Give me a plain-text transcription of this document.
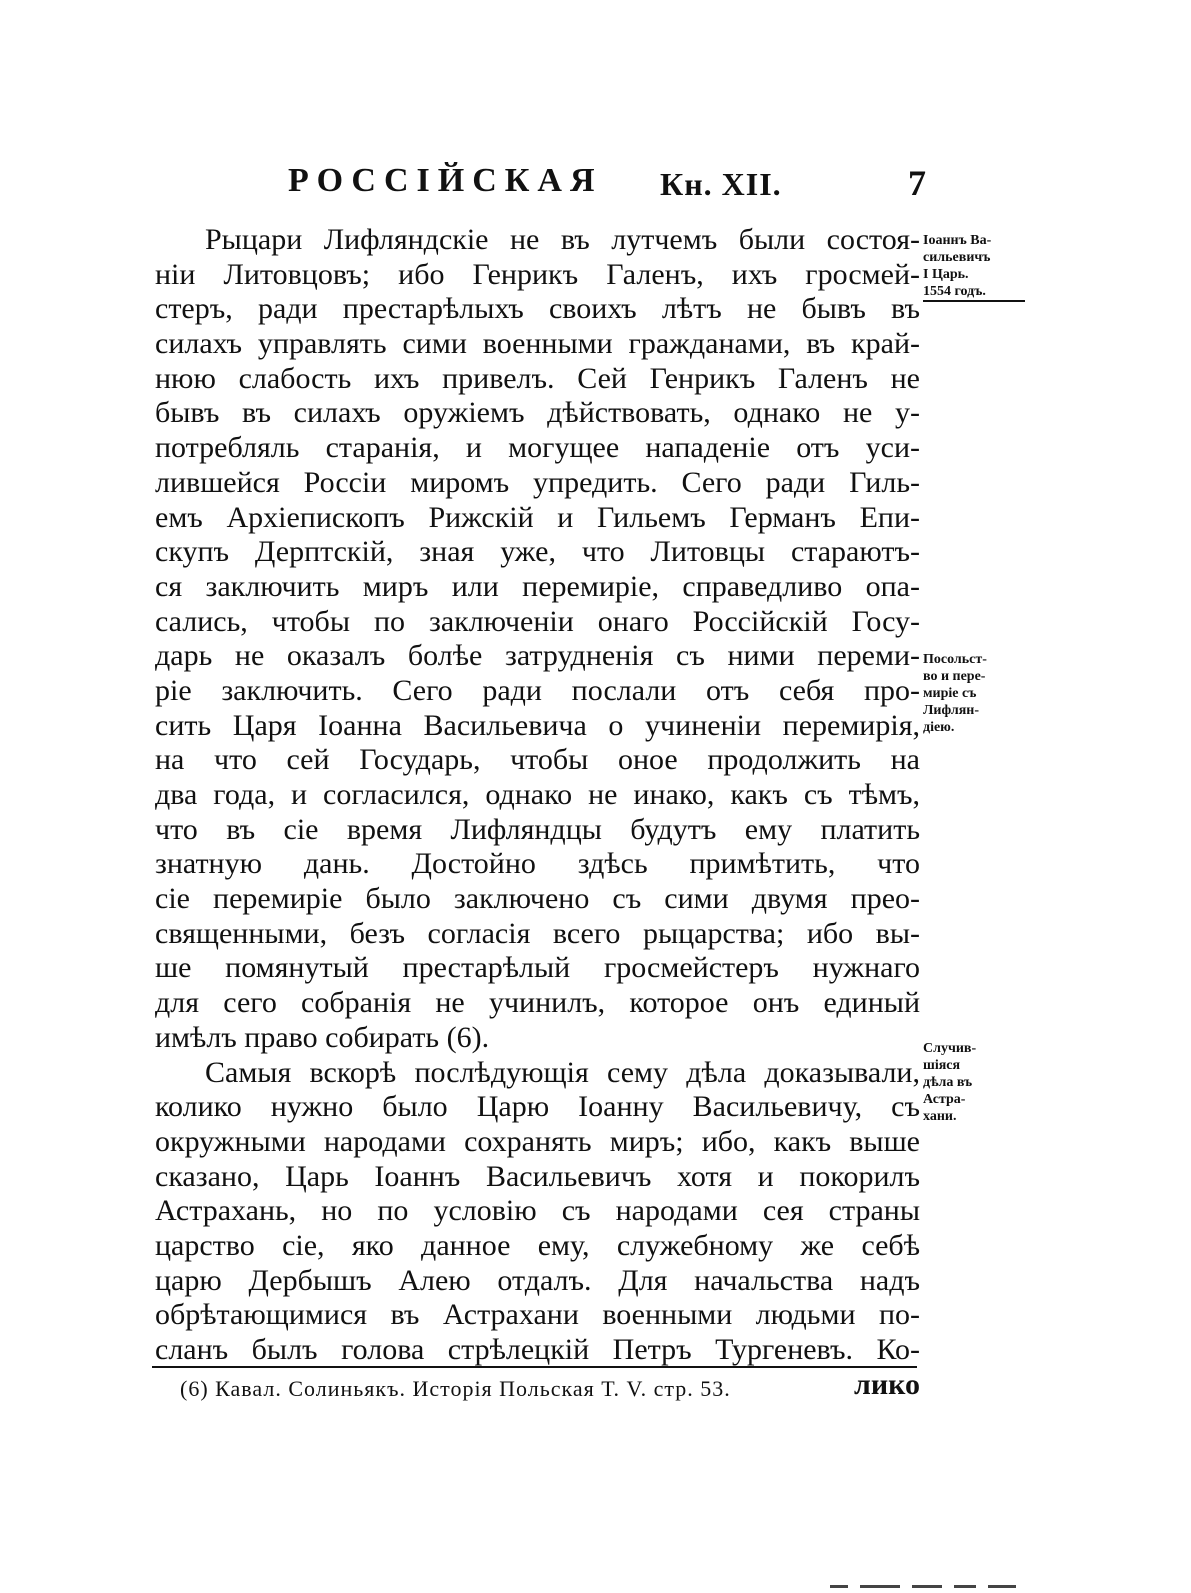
РОССІЙСКАЯ Кн. XII.	7
Рыцари Лифляндскіе не въ лутчемъ были состоя-
ніи Литовцовъ; ибо Генрикъ Галенъ, ихъ гросмей-
стеръ, ради престарѣлыхъ своихъ лѣтъ не бывъ въ
силахъ управлять сими военными гражданами, въ край-
нюю слабость ихъ привелъ. Сей Генрикъ Галенъ не
бывъ въ силахъ оружіемъ дѣйствовать, однако не у-
потребляль старанія, и могущее нападеніе отъ уси-
лившейся Россіи миромъ упредить. Сего ради Гиль-
емъ Архіепископъ Рижскій и Гильемъ Германъ Епи-
скупъ Дерптскій, зная уже, что Литовцы стараютъ-
ся заключить миръ или перемиріе, справедливо опа-
сались, чтобы по заключеніи онаго Россійскій Госу-
дарь не оказалъ болѣе затрудненія съ ними переми-
ріе заключить. Сего ради послали отъ себя про-
сить Царя Іоанна Васильевича о учиненіи перемирія,
на что сей Государь, чтобы оное продолжить на
два года, и согласился, однако не инако, какъ съ тѣмъ,
что въ сіе время Лифляндцы будутъ ему платить
знатную дань. Достойно здѣсь примѣтить, что
сіе перемиріе было заключено съ сими двумя прео-
священными, безъ согласія всего рыцарства; ибо вы-
ше помянутый престарѣлый гросмейстеръ нужнаго
для сего собранія не учинилъ, которое онъ единый
имѣлъ право собирать (6).
Самыя вскорѣ послѣдующія сему дѣла доказывали,
колико нужно было Царю Іоанну Васильевичу, съ
окружными народами сохранять миръ; ибо, какъ выше
сказано, Царь Іоаннъ Васильевичъ хотя и покорилъ
Астрахань, но по условію съ народами сея страны
царство сіе, яко данное ему, служебному же себѣ
царю Дербышъ Алею отдалъ. Для начальства надъ
обрѣтающимися въ Астрахани военными людьми по-
сланъ былъ голова стрѣлецкій Петръ Тургеневъ. Ко-
лико
Іоаннъ Ва-
сильевичъ
І Царь.
1554 годъ.
Посольст-
во и пере-
миріе съ
Лифлян-
діею.
Случив-
шіяся
дѣла въ
Астра-
хани.
(6) Кавал. Солиньякъ. Исторія Польская Т. V. стр. 53.
